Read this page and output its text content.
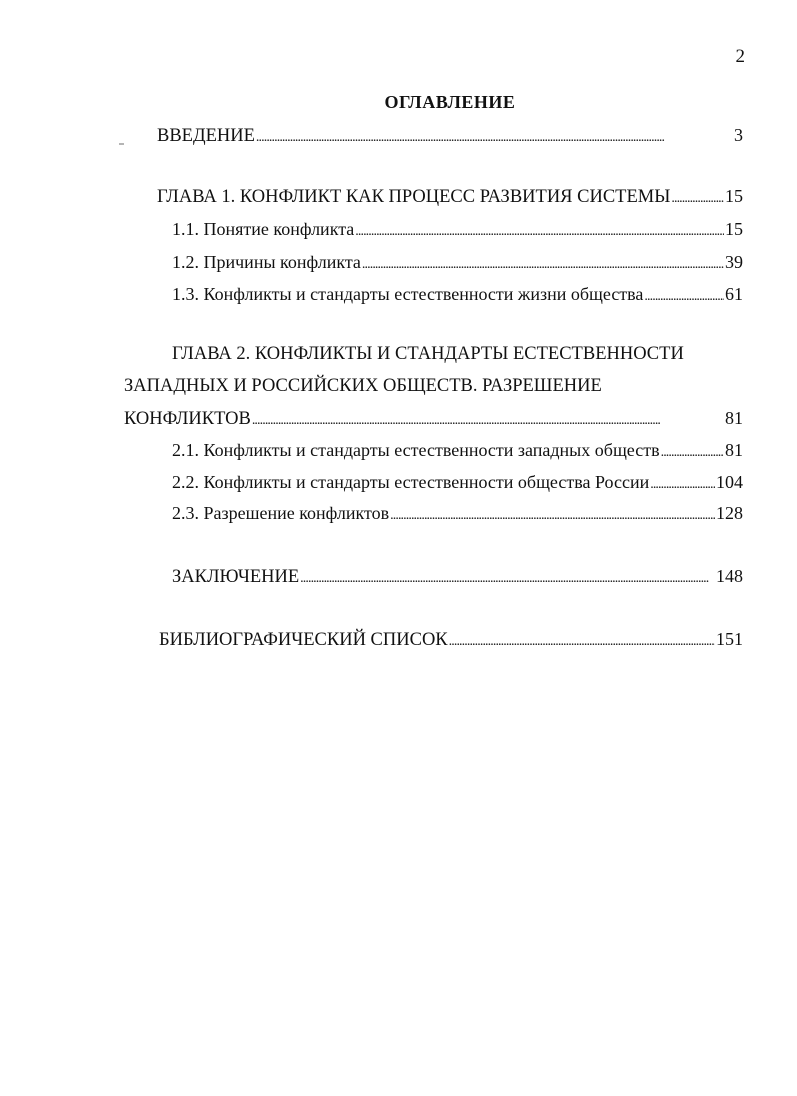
2
ОГЛАВЛЕНИЕ
ВВЕДЕНИЕ . . .	3
ГЛАВА 1. КОНФЛИКТ КАК ПРОЦЕСС РАЗВИТИЯ СИСТЕМЫ . . .	15
1.1. Понятие конфликта . . .	15
1.2. Причины конфликта . . .	39
1.3. Конфликты и стандарты естественности жизни общества . . .	61
ГЛАВА 2. КОНФЛИКТЫ И СТАНДАРТЫ ЕСТЕСТВЕННОСТИ
ЗАПАДНЫХ И РОССИЙСКИХ ОБЩЕСТВ. РАЗРЕШЕНИЕ
КОНФЛИКТОВ . . .	81
2.1. Конфликты и стандарты естественности западных обществ . . .	81
2.2. Конфликты и стандарты естественности общества России . . .	104
2.3. Разрешение конфликтов . . .	128
ЗАКЛЮЧЕНИЕ . . .	148
БИБЛИОГРАФИЧЕСКИЙ СПИСОК . . .	151
